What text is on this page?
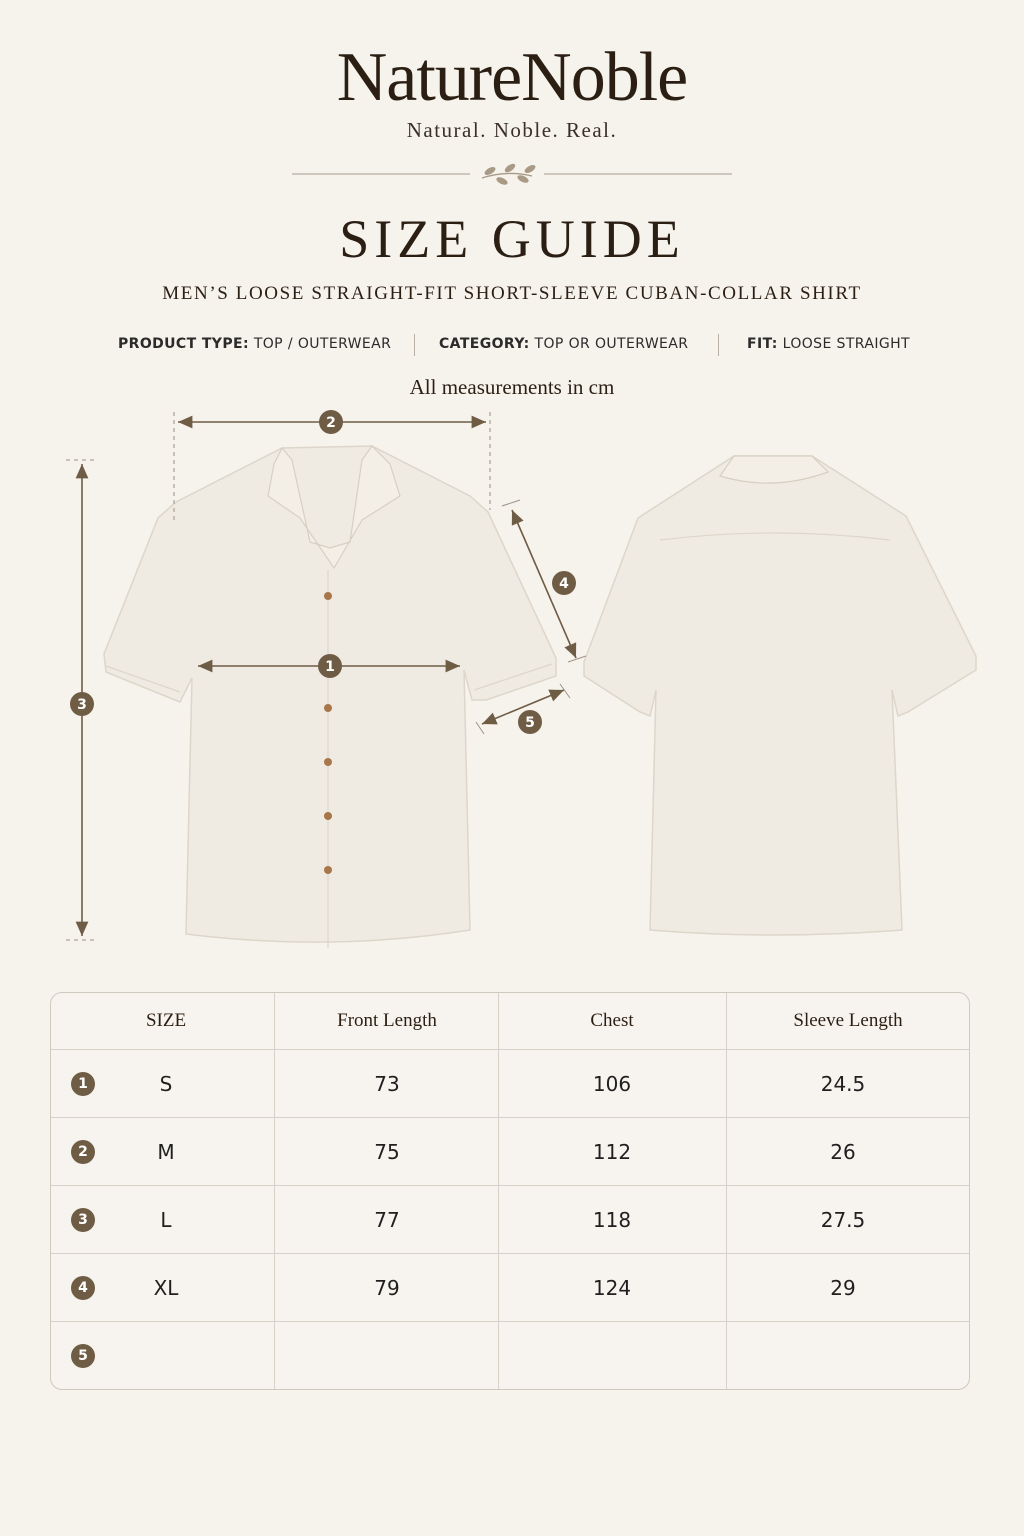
NatureNoble
Natural. Noble. Real.
SIZE GUIDE
MEN’S LOOSE STRAIGHT-FIT SHORT-SLEEVE CUBAN-COLLAR SHIRT
PRODUCT TYPE: TOP / OUTERWEAR	CATEGORY: TOP OR OUTERWEAR	FIT: LOOSE STRAIGHT
All measurements in cm
2
3
1
4
5
SIZE	Front Length	Chest	Sleeve Length
1	S	73	106	24.5
2	M	75	112	26
3	L	77	118	27.5
4	XL	79	124	29
5
